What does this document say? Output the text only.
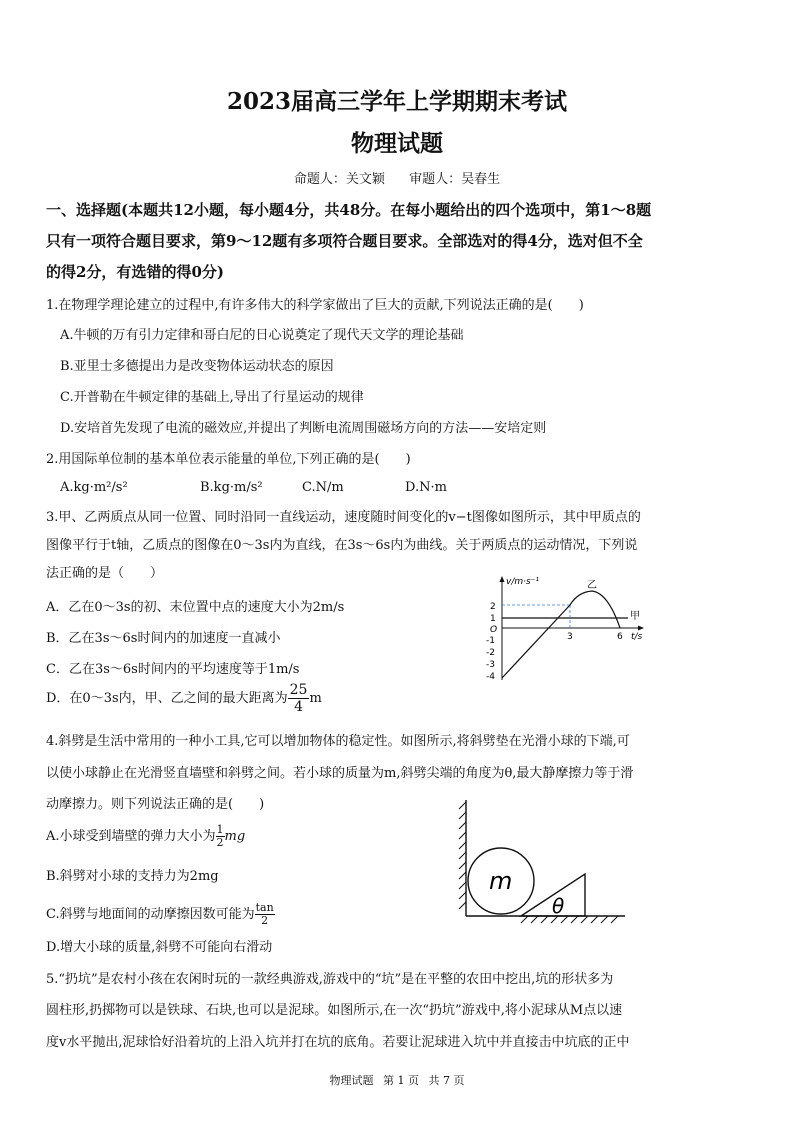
2023届高三学年上学期期末考试
物理试题
命题人：关文颖 审题人：吴春生
一、选择题(本题共12小题，每小题4分，共48分。在每小题给出的四个选项中，第1～8题
只有一项符合题目要求，第9～12题有多项符合题目要求。全部选对的得4分，选对但不全
的得2分，有选错的得0分)
1.在物理学理论建立的过程中,有许多伟大的科学家做出了巨大的贡献,下列说法正确的是(　　)
A.牛顿的万有引力定律和哥白尼的日心说奠定了现代天文学的理论基础
B.亚里士多德提出力是改变物体运动状态的原因
C.开普勒在牛顿定律的基础上,导出了行星运动的规律
D.安培首先发现了电流的磁效应,并提出了判断电流周围磁场方向的方法——安培定则
2.用国际单位制的基本单位表示能量的单位,下列正确的是(　　)
A.kg·m²/s²	B.kg·m/s²	C.N/m	D.N·m
3.甲、乙两质点从同一位置、同时沿同一直线运动，速度随时间变化的v−t图像如图所示，其中甲质点的
图像平行于t轴，乙质点的图像在0～3s内为直线，在3s～6s内为曲线。关于两质点的运动情况，下列说
法正确的是（　　）
A．乙在0～3s的初、末位置中点的速度大小为2m/s
B．乙在3s～6s时间内的加速度一直减小
C．乙在3s～6s时间内的平均速度等于1m/s
D．在0～3s内，甲、乙之间的最大距离为 $\frac{25}{4}m$
2
1
O
-1
-2
-3
-4
3	6 t/s
v/m·s⁻¹	乙
甲
4.斜劈是生活中常用的一种小工具,它可以增加物体的稳定性。如图所示,将斜劈垫在光滑小球的下端,可
以使小球静止在光滑竖直墙壁和斜劈之间。若小球的质量为m,斜劈尖端的角度为θ,最大静摩擦力等于滑
动摩擦力。则下列说法正确的是(　　)
A.小球受到墙壁的弹力大小为 $\frac{1}{2}$ mg
B.斜劈对小球的支持力为2mg
C.斜劈与地面间的动摩擦因数可能为 $\frac{\tan}{2}$
D.增大小球的质量,斜劈不可能向右滑动
m
θ
5.“扔坑”是农村小孩在农闲时玩的一款经典游戏,游戏中的“坑”是在平整的农田中挖出,坑的形状多为
圆柱形,扔掷物可以是铁球、石块,也可以是泥球。如图所示,在一次“扔坑”游戏中,将小泥球从M点以速
度v水平抛出,泥球恰好沿着坑的上沿入坑并打在坑的底角。若要让泥球进入坑中并直接击中坑底的正中
物理试题 第 1 页 共 7 页
